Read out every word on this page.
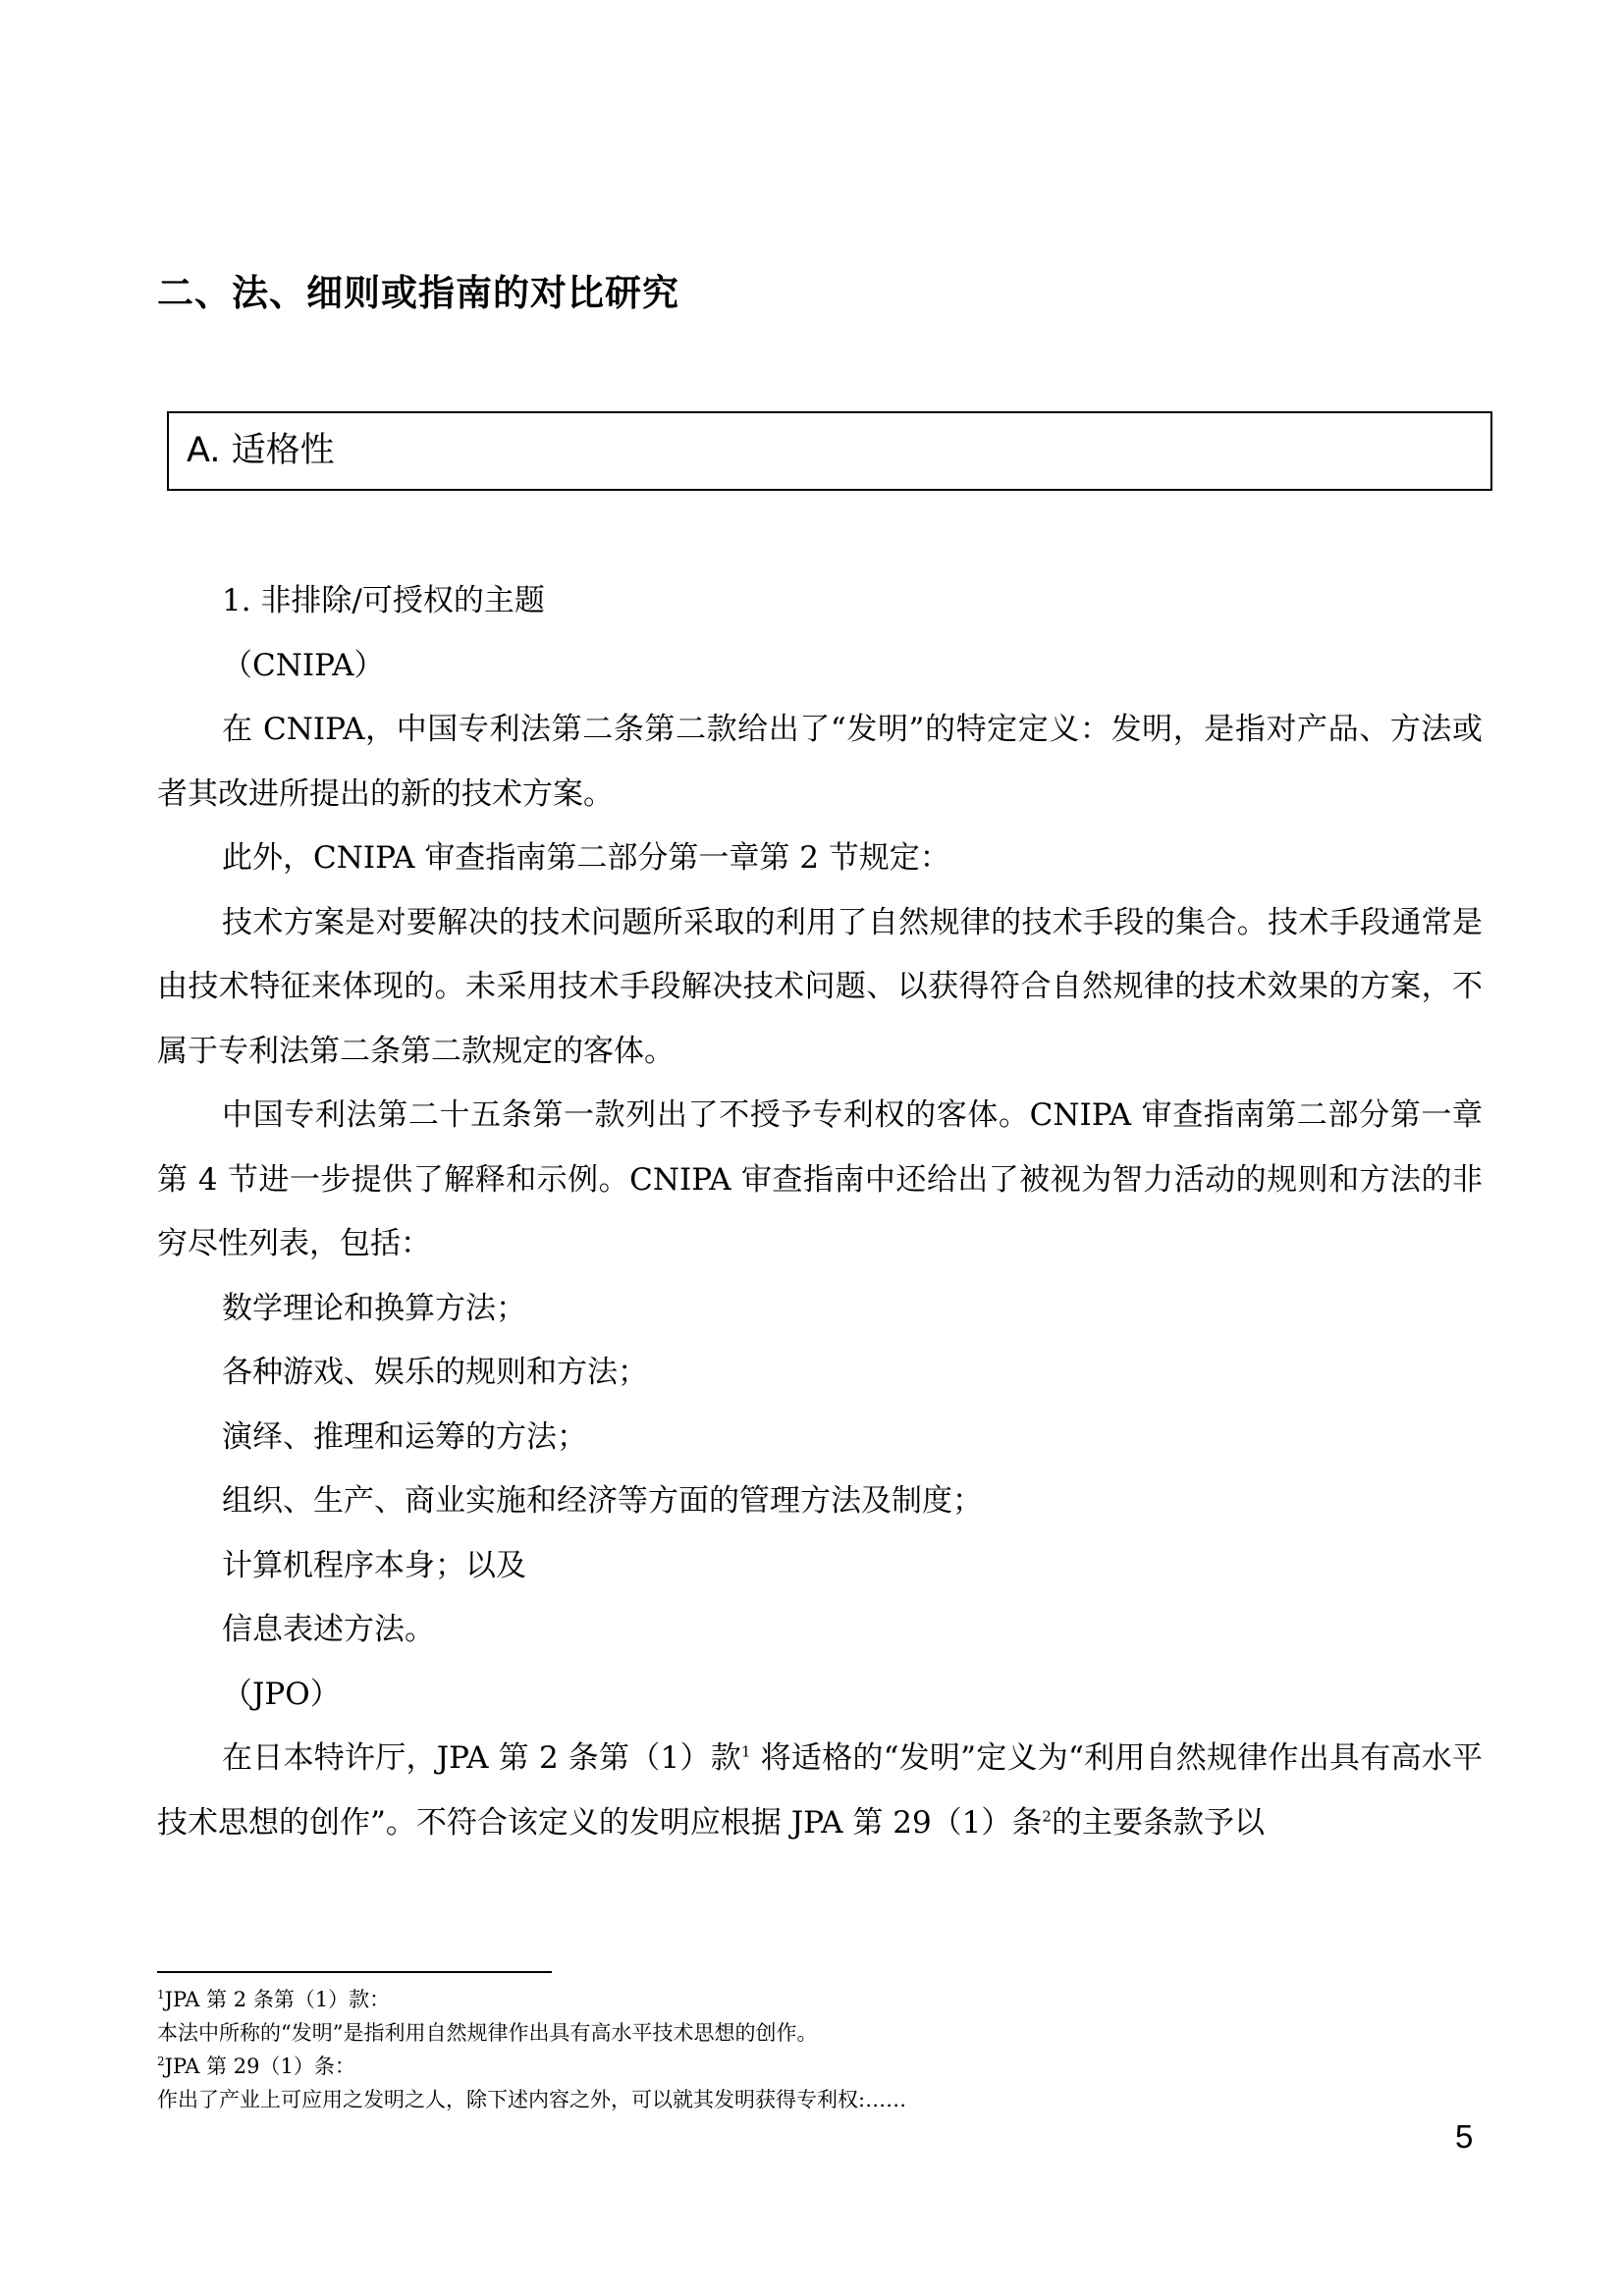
二、法、细则或指南的对比研究
A. 适格性

1. 非排除/可授权的主题

（CNIPA）

在 CNIPA，中国专利法第二条第二款给出了“发明”的特定定义：发明，是指对产品、方法或者其改进所提出的新的技术方案。

此外，CNIPA 审查指南第二部分第一章第 2 节规定：

技术方案是对要解决的技术问题所采取的利用了自然规律的技术手段的集合。技术手段通常是由技术特征来体现的。未采用技术手段解决技术问题、以获得符合自然规律的技术效果的方案，不属于专利法第二条第二款规定的客体。

中国专利法第二十五条第一款列出了不授予专利权的客体。CNIPA 审查指南第二部分第一章第 4 节进一步提供了解释和示例。CNIPA 审查指南中还给出了被视为智力活动的规则和方法的非穷尽性列表，包括：

数学理论和换算方法；

各种游戏、娱乐的规则和方法；

演绎、推理和运筹的方法；

组织、生产、商业实施和经济等方面的管理方法及制度；

计算机程序本身；以及

信息表述方法。

（JPO）

在日本特许厅，JPA 第 2 条第（1）款$^1$ 将适格的“发明”定义为“利用自然规律作出具有高水平技术思想的创作”。不符合该定义的发明应根据 JPA 第 29（1）条$^2$的主要条款予以

$^1$JPA 第 2 条第（1）款：
本法中所称的“发明”是指利用自然规律作出具有高水平技术思想的创作。
$^2$JPA 第 29（1）条：
作出了产业上可应用之发明之人，除下述内容之外，可以就其发明获得专利权:……
5
